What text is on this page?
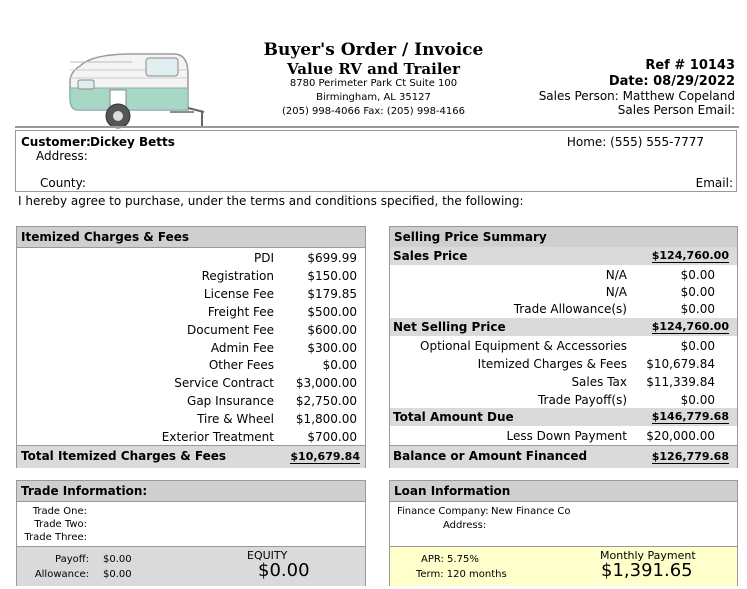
Buyer's Order / Invoice
Value RV and Trailer
8780 Perimeter Park Ct Suite 100
Birmingham, AL 35127
(205) 998-4066 Fax: (205) 998-4166
Ref # 10143
Date: 08/29/2022
Sales Person: Matthew Copeland
Sales Person Email:
Customer: Dickey Betts
Address:
County:
Home: (555) 555-7777
Email:
I hereby agree to purchase, under the terms and conditions specified, the following:
Itemized Charges & Fees
PDI	$699.99
Registration	$150.00
License Fee	$179.85
Freight Fee	$500.00
Document Fee	$600.00
Admin Fee	$300.00
Other Fees	$0.00
Service Contract $3,000.00
Gap Insurance $2,750.00
Tire & Wheel $1,800.00
Exterior Treatment	$700.00
Total Itemized Charges & Fees	$10,679.84
Selling Price Summary
Sales Price	$124,760.00
N/A	$0.00
N/A	$0.00
Trade Allowance(s)	$0.00
Net Selling Price	$124,760.00
Optional Equipment & Accessories	$0.00
Itemized Charges & Fees $10,679.84
Sales Tax $11,339.84
Trade Payoff(s)	$0.00
Total Amount Due	$146,779.68
Less Down Payment $20,000.00
Balance or Amount Financed	$126,779.68
Trade Information:
Trade One:
Trade Two:
Trade Three:
Payoff: $0.00
Allowance: $0.00
EQUITY
$0.00
Loan Information
Finance Company: New Finance Co
Address:
APR: 5.75%
Term: 120 months
Monthly Payment
$1,391.65
